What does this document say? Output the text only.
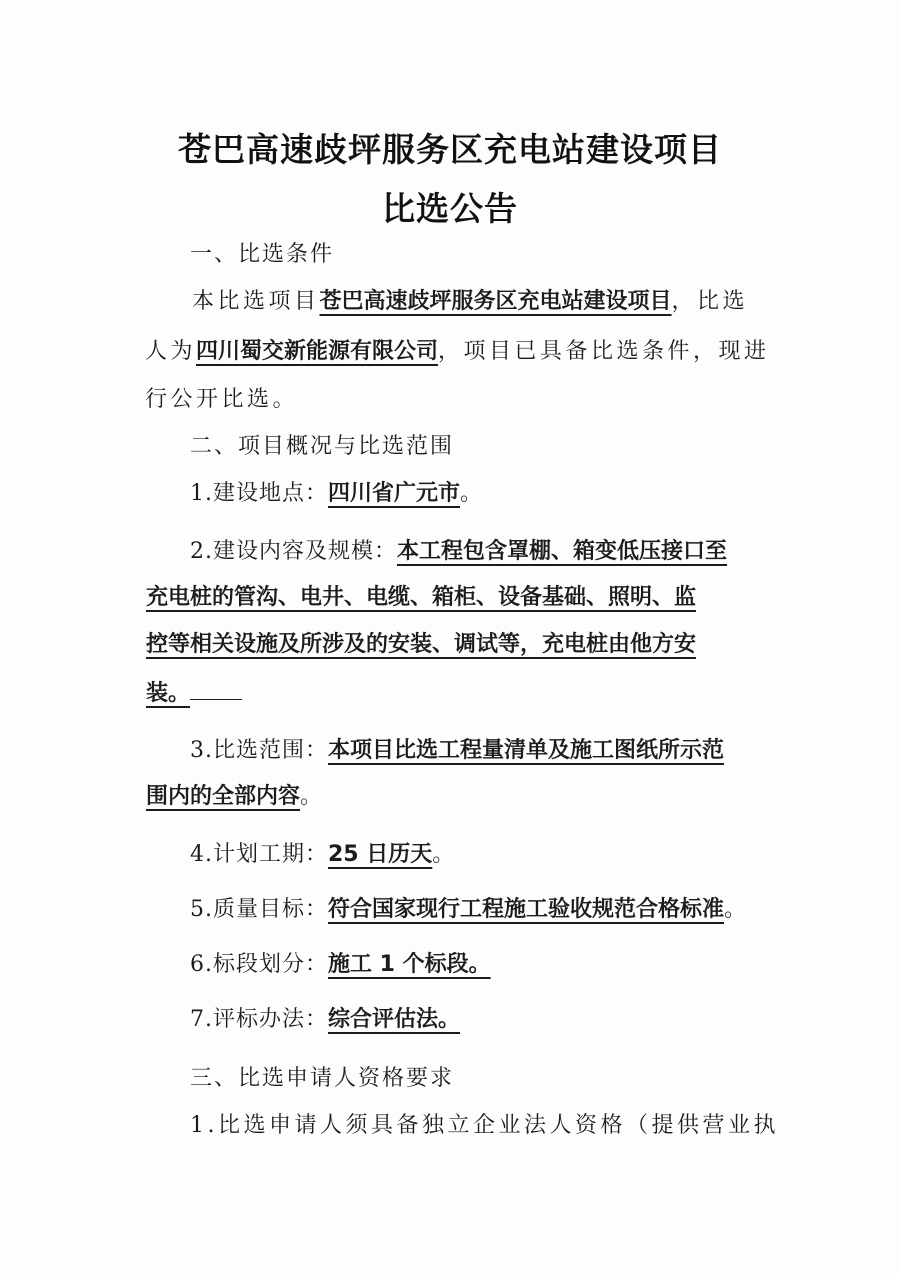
苍巴高速歧坪服务区充电站建设项目
比选公告
一、比选条件
本比选项目苍巴高速歧坪服务区充电站建设项目，比选
人为四川蜀交新能源有限公司，项目已具备比选条件，现进
行公开比选。
二、项目概况与比选范围
1.建设地点：四川省广元市。
2.建设内容及规模：本工程包含罩棚、箱变低压接口至
充电桩的管沟、电井、电缆、箱柜、设备基础、照明、监
控等相关设施及所涉及的安装、调试等，充电桩由他方安
装。
3.比选范围：本项目比选工程量清单及施工图纸所示范
围内的全部内容。
4.计划工期：25 日历天。
5.质量目标：符合国家现行工程施工验收规范合格标准。
6.标段划分：施工 1 个标段。
7.评标办法：综合评估法。
三、比选申请人资格要求
1.比选申请人须具备独立企业法人资格（提供营业执
